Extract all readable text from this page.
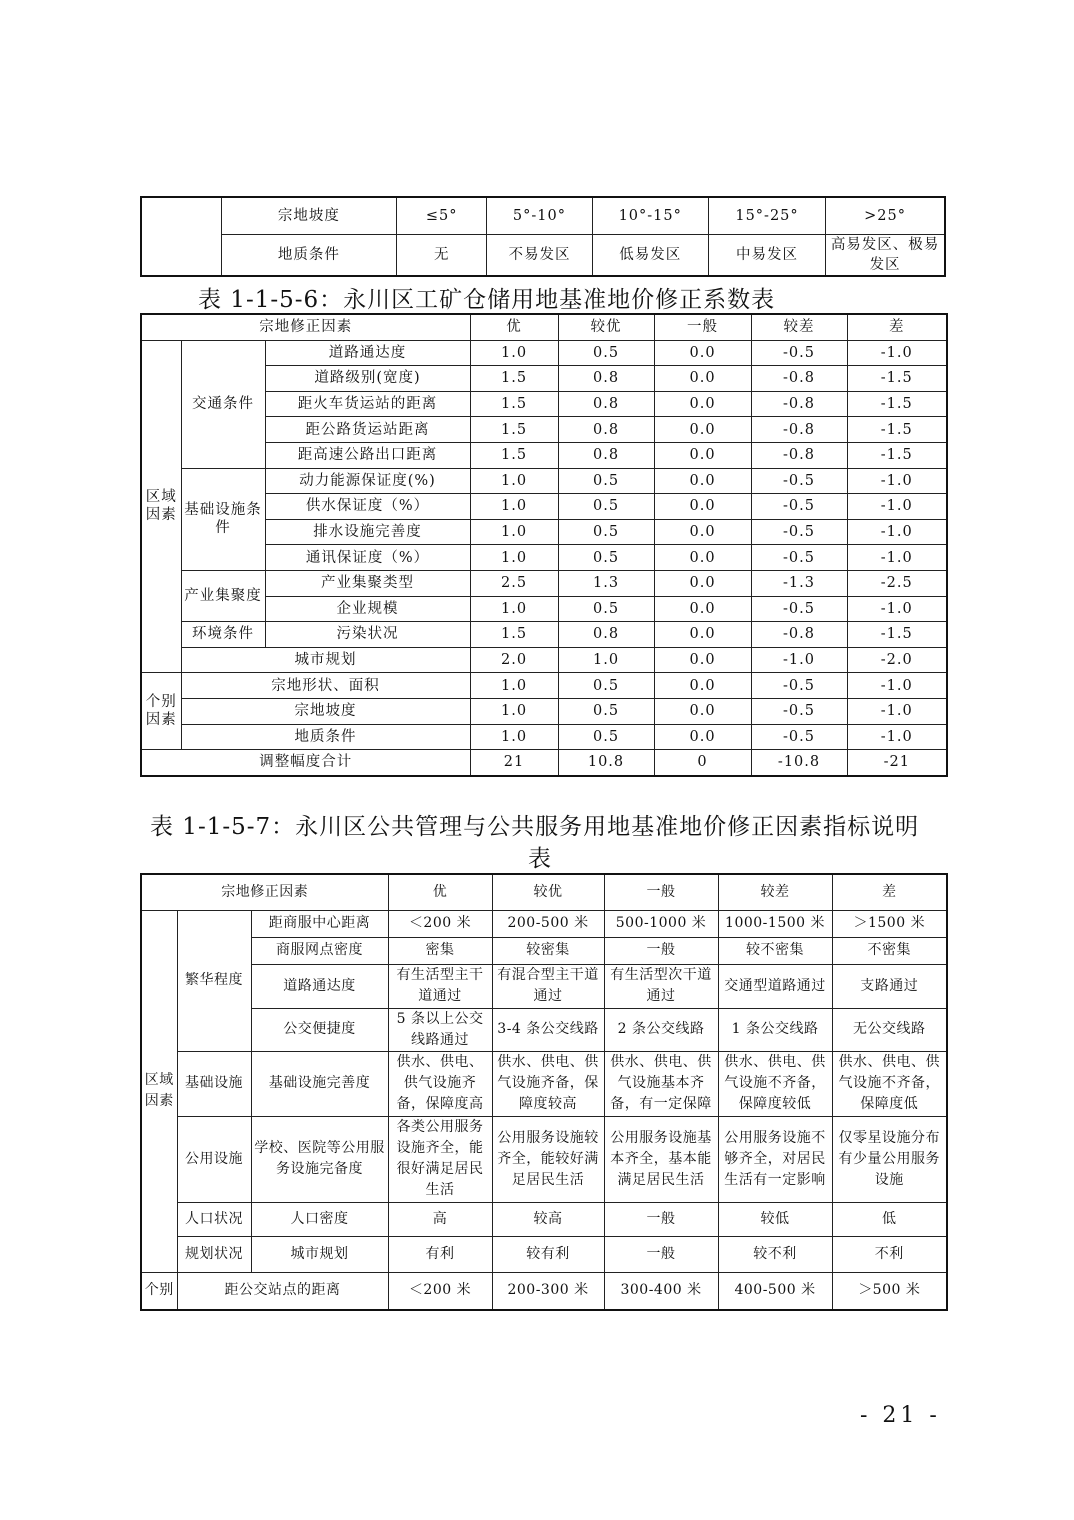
	宗地坡度	≤5°	5°-10°	10°-15°	15°-25°	>25°
	地质条件	无	不易发区	低易发区	中易发区	高易发区、极易发区
表 1-1-5-6：永川区工矿仓储用地基准地价修正系数表
宗地修正因素			优	较优	一般	较差	差
区域因素	交通条件	道路通达度	1.0	0.5	0.0	-0.5	-1.0
		道路级别(宽度)	1.5	0.8	0.0	-0.8	-1.5
		距火车货运站的距离	1.5	0.8	0.0	-0.8	-1.5
		距公路货运站距离	1.5	0.8	0.0	-0.8	-1.5
		距高速公路出口距离	1.5	0.8	0.0	-0.8	-1.5
	基础设施条件	动力能源保证度(%)	1.0	0.5	0.0	-0.5	-1.0
		供水保证度（%）	1.0	0.5	0.0	-0.5	-1.0
		排水设施完善度	1.0	0.5	0.0	-0.5	-1.0
		通讯保证度（%）	1.0	0.5	0.0	-0.5	-1.0
	产业集聚度	产业集聚类型	2.5	1.3	0.0	-1.3	-2.5
		企业规模	1.0	0.5	0.0	-0.5	-1.0
	环境条件	污染状况	1.5	0.8	0.0	-0.8	-1.5
	城市规划		2.0	1.0	0.0	-1.0	-2.0
个别因素	宗地形状、面积		1.0	0.5	0.0	-0.5	-1.0
	宗地坡度		1.0	0.5	0.0	-0.5	-1.0
	地质条件		1.0	0.5	0.0	-0.5	-1.0
调整幅度合计			21	10.8	0	-10.8	-21
表 1-1-5-7：永川区公共管理与公共服务用地基准地价修正因素指标说明
表
宗地修正因素			优	较优	一般	较差	差
区域因素	繁华程度	距商服中心距离	＜200 米	200-500 米	500-1000 米	1000-1500 米	＞1500 米
		商服网点密度	密集	较密集	一般	较不密集	不密集
		道路通达度	有生活型主干道通过	有混合型主干道通过	有生活型次干道通过	交通型道路通过	支路通过
		公交便捷度	5 条以上公交线路通过	3-4 条公交线路	2 条公交线路	1 条公交线路	无公交线路
	基础设施	基础设施完善度	供水、供电、供气设施齐备，保障度高	供水、供电、供气设施齐备，保障度较高	供水、供电、供气设施基本齐备，有一定保障	供水、供电、供气设施不齐备，保障度较低	供水、供电、供气设施不齐备，保障度低
	公用设施	学校、医院等公用服务设施完备度	各类公用服务设施齐全，能很好满足居民生活	公用服务设施较齐全，能较好满足居民生活	公用服务设施基本齐全，基本能满足居民生活	公用服务设施不够齐全，对居民生活有一定影响	仅零星设施分布有少量公用服务设施
	人口状况	人口密度	高	较高	一般	较低	低
	规划状况	城市规划	有利	较有利	一般	较不利	不利
个别	距公交站点的距离		＜200 米	200-300 米	300-400 米	400-500 米	＞500 米
- 21 -
